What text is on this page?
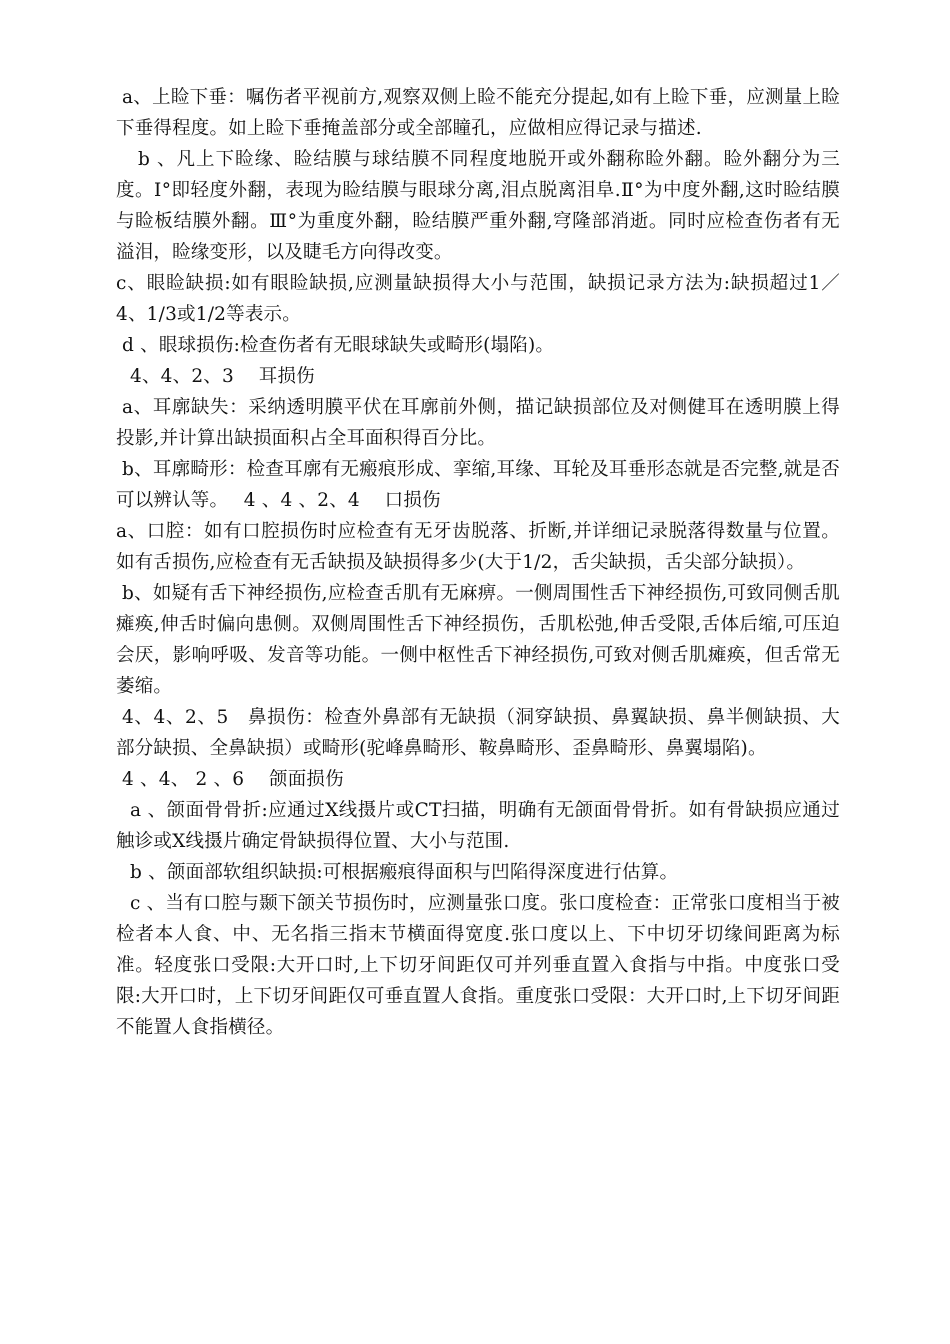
a、上睑下垂：嘱伤者平视前方,观察双侧上睑不能充分提起,如有上睑下垂，应测量上睑下垂得程度。如上睑下垂掩盖部分或全部瞳孔，应做相应得记录与描述.

b 、凡上下睑缘、睑结膜与球结膜不同程度地脱开或外翻称睑外翻。睑外翻分为三度。Ⅰ°即轻度外翻，表现为睑结膜与眼球分离,泪点脱离泪阜.Ⅱ°为中度外翻,这时睑结膜与睑板结膜外翻。Ⅲ°为重度外翻，睑结膜严重外翻,穹隆部消逝。同时应检查伤者有无溢泪，睑缘变形，以及睫毛方向得改变。

c、眼睑缺损:如有眼睑缺损,应测量缺损得大小与范围，缺损记录方法为:缺损超过1／4、1/3或1/2等表示。

d 、眼球损伤:检查伤者有无眼球缺失或畸形(塌陷)。

4、4、2、3　 耳损伤

a、耳廓缺失：采纳透明膜平伏在耳廓前外侧，描记缺损部位及对侧健耳在透明膜上得投影,并计算出缺损面积占全耳面积得百分比。

b、耳廓畸形：检查耳廓有无瘢痕形成、挛缩,耳缘、耳轮及耳垂形态就是否完整,就是否可以辨认等。　 4 、4 、2、4　 口损伤

a、口腔：如有口腔损伤时应检查有无牙齿脱落、折断,并详细记录脱落得数量与位置。如有舌损伤,应检查有无舌缺损及缺损得多少(大于1/2，舌尖缺损，舌尖部分缺损）。

b、如疑有舌下神经损伤,应检查舌肌有无麻痹。一侧周围性舌下神经损伤,可致同侧舌肌瘫痪,伸舌时偏向患侧。双侧周围性舌下神经损伤，舌肌松弛,伸舌受限,舌体后缩,可压迫会厌，影响呼吸、发音等功能。一侧中枢性舌下神经损伤,可致对侧舌肌瘫痪，但舌常无萎缩。

4、4、2、5　鼻损伤：检查外鼻部有无缺损（洞穿缺损、鼻翼缺损、鼻半侧缺损、大部分缺损、全鼻缺损）或畸形(驼峰鼻畸形、鞍鼻畸形、歪鼻畸形、鼻翼塌陷)。

4 、4、 2 、6　 颌面损伤

a 、颌面骨骨折:应通过X线摄片或CT扫描，明确有无颌面骨骨折。如有骨缺损应通过触诊或X线摄片确定骨缺损得位置、大小与范围.

b 、颌面部软组织缺损:可根据瘢痕得面积与凹陷得深度进行估算。

c 、当有口腔与颞下颌关节损伤时，应测量张口度。张口度检查：正常张口度相当于被检者本人食、中、无名指三指末节横面得宽度.张口度以上、下中切牙切缘间距离为标准。轻度张口受限:大开口时,上下切牙间距仅可并列垂直置入食指与中指。中度张口受限:大开口时，上下切牙间距仅可垂直置人食指。重度张口受限：大开口时,上下切牙间距不能置人食指横径。
